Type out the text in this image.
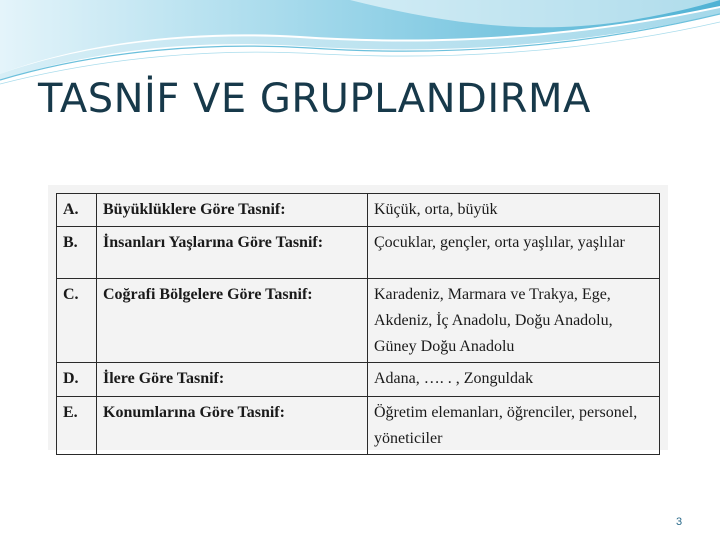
TASNİF VE GRUPLANDIRMA
A.	Büyüklüklere Göre Tasnif:	Küçük, orta, büyük
B.	İnsanları Yaşlarına Göre Tasnif:	Çocuklar, gençler, orta yaşlılar, yaşlılar
C.	Coğrafi Bölgelere Göre Tasnif:	Karadeniz, Marmara ve Trakya, Ege, Akdeniz, İç Anadolu, Doğu Anadolu, Güney Doğu Anadolu
D.	İlere Göre Tasnif:	Adana, …. . , Zonguldak
E.	Konumlarına Göre Tasnif:	Öğretim elemanları, öğrenciler, personel, yöneticiler
3
